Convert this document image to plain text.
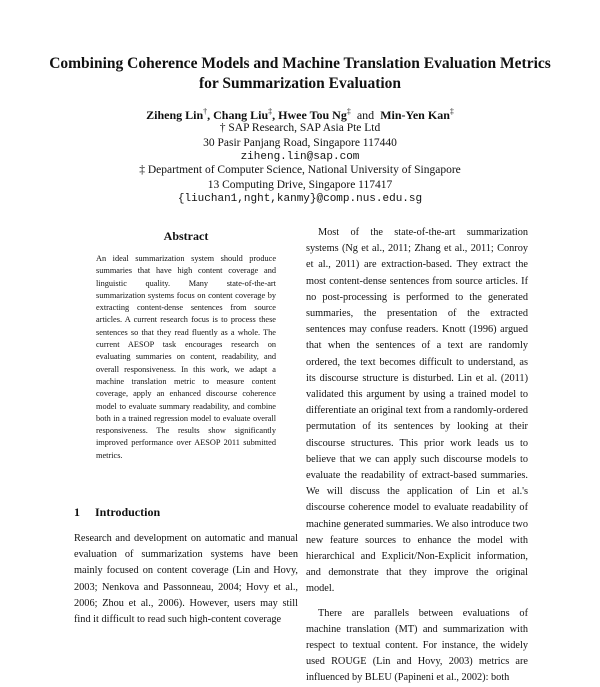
Combining Coherence Models and Machine Translation Evaluation Metrics
for Summarization Evaluation
Ziheng Lin†, Chang Liu‡, Hwee Tou Ng‡ and Min-Yen Kan‡
† SAP Research, SAP Asia Pte Ltd
30 Pasir Panjang Road, Singapore 117440
ziheng.lin@sap.com
‡ Department of Computer Science, National University of Singapore
13 Computing Drive, Singapore 117417
{liuchan1,nght,kanmy}@comp.nus.edu.sg
Abstract
An ideal summarization system should produce summaries that have high content coverage and linguistic quality. Many state-of-the-art summarization systems focus on content coverage by extracting content-dense sentences from source articles. A current research focus is to process these sentences so that they read fluently as a whole. The current AESOP task encourages research on evaluating summaries on content, readability, and overall responsiveness. In this work, we adapt a machine translation metric to measure content coverage, apply an enhanced discourse coherence model to evaluate summary readability, and combine both in a trained regression model to evaluate overall responsiveness. The results show significantly improved performance over AESOP 2011 submitted metrics.
1 Introduction

Research and development on automatic and manual evaluation of summarization systems have been mainly focused on content coverage (Lin and Hovy, 2003; Nenkova and Passonneau, 2004; Hovy et al., 2006; Zhou et al., 2006). However, users may still find it difficult to read such high-content coverage

Most of the state-of-the-art summarization systems (Ng et al., 2011; Zhang et al., 2011; Conroy et al., 2011) are extraction-based. They extract the most content-dense sentences from source articles. If no post-processing is performed to the generated summaries, the presentation of the extracted sentences may confuse readers. Knott (1996) argued that when the sentences of a text are randomly ordered, the text becomes difficult to understand, as its discourse structure is disturbed. Lin et al. (2011) validated this argument by using a trained model to differentiate an original text from a randomly-ordered permutation of its sentences by looking at their discourse structures. This prior work leads us to believe that we can apply such discourse models to evaluate the readability of extract-based summaries. We will discuss the application of Lin et al.'s discourse coherence model to evaluate readability of machine generated summaries. We also introduce two new feature sources to enhance the model with hierarchical and Explicit/Non-Explicit information, and demonstrate that they improve the original model.

There are parallels between evaluations of machine translation (MT) and summarization with respect to textual content. For instance, the widely used ROUGE (Lin and Hovy, 2003) metrics are influenced by BLEU (Papineni et al., 2002): both
